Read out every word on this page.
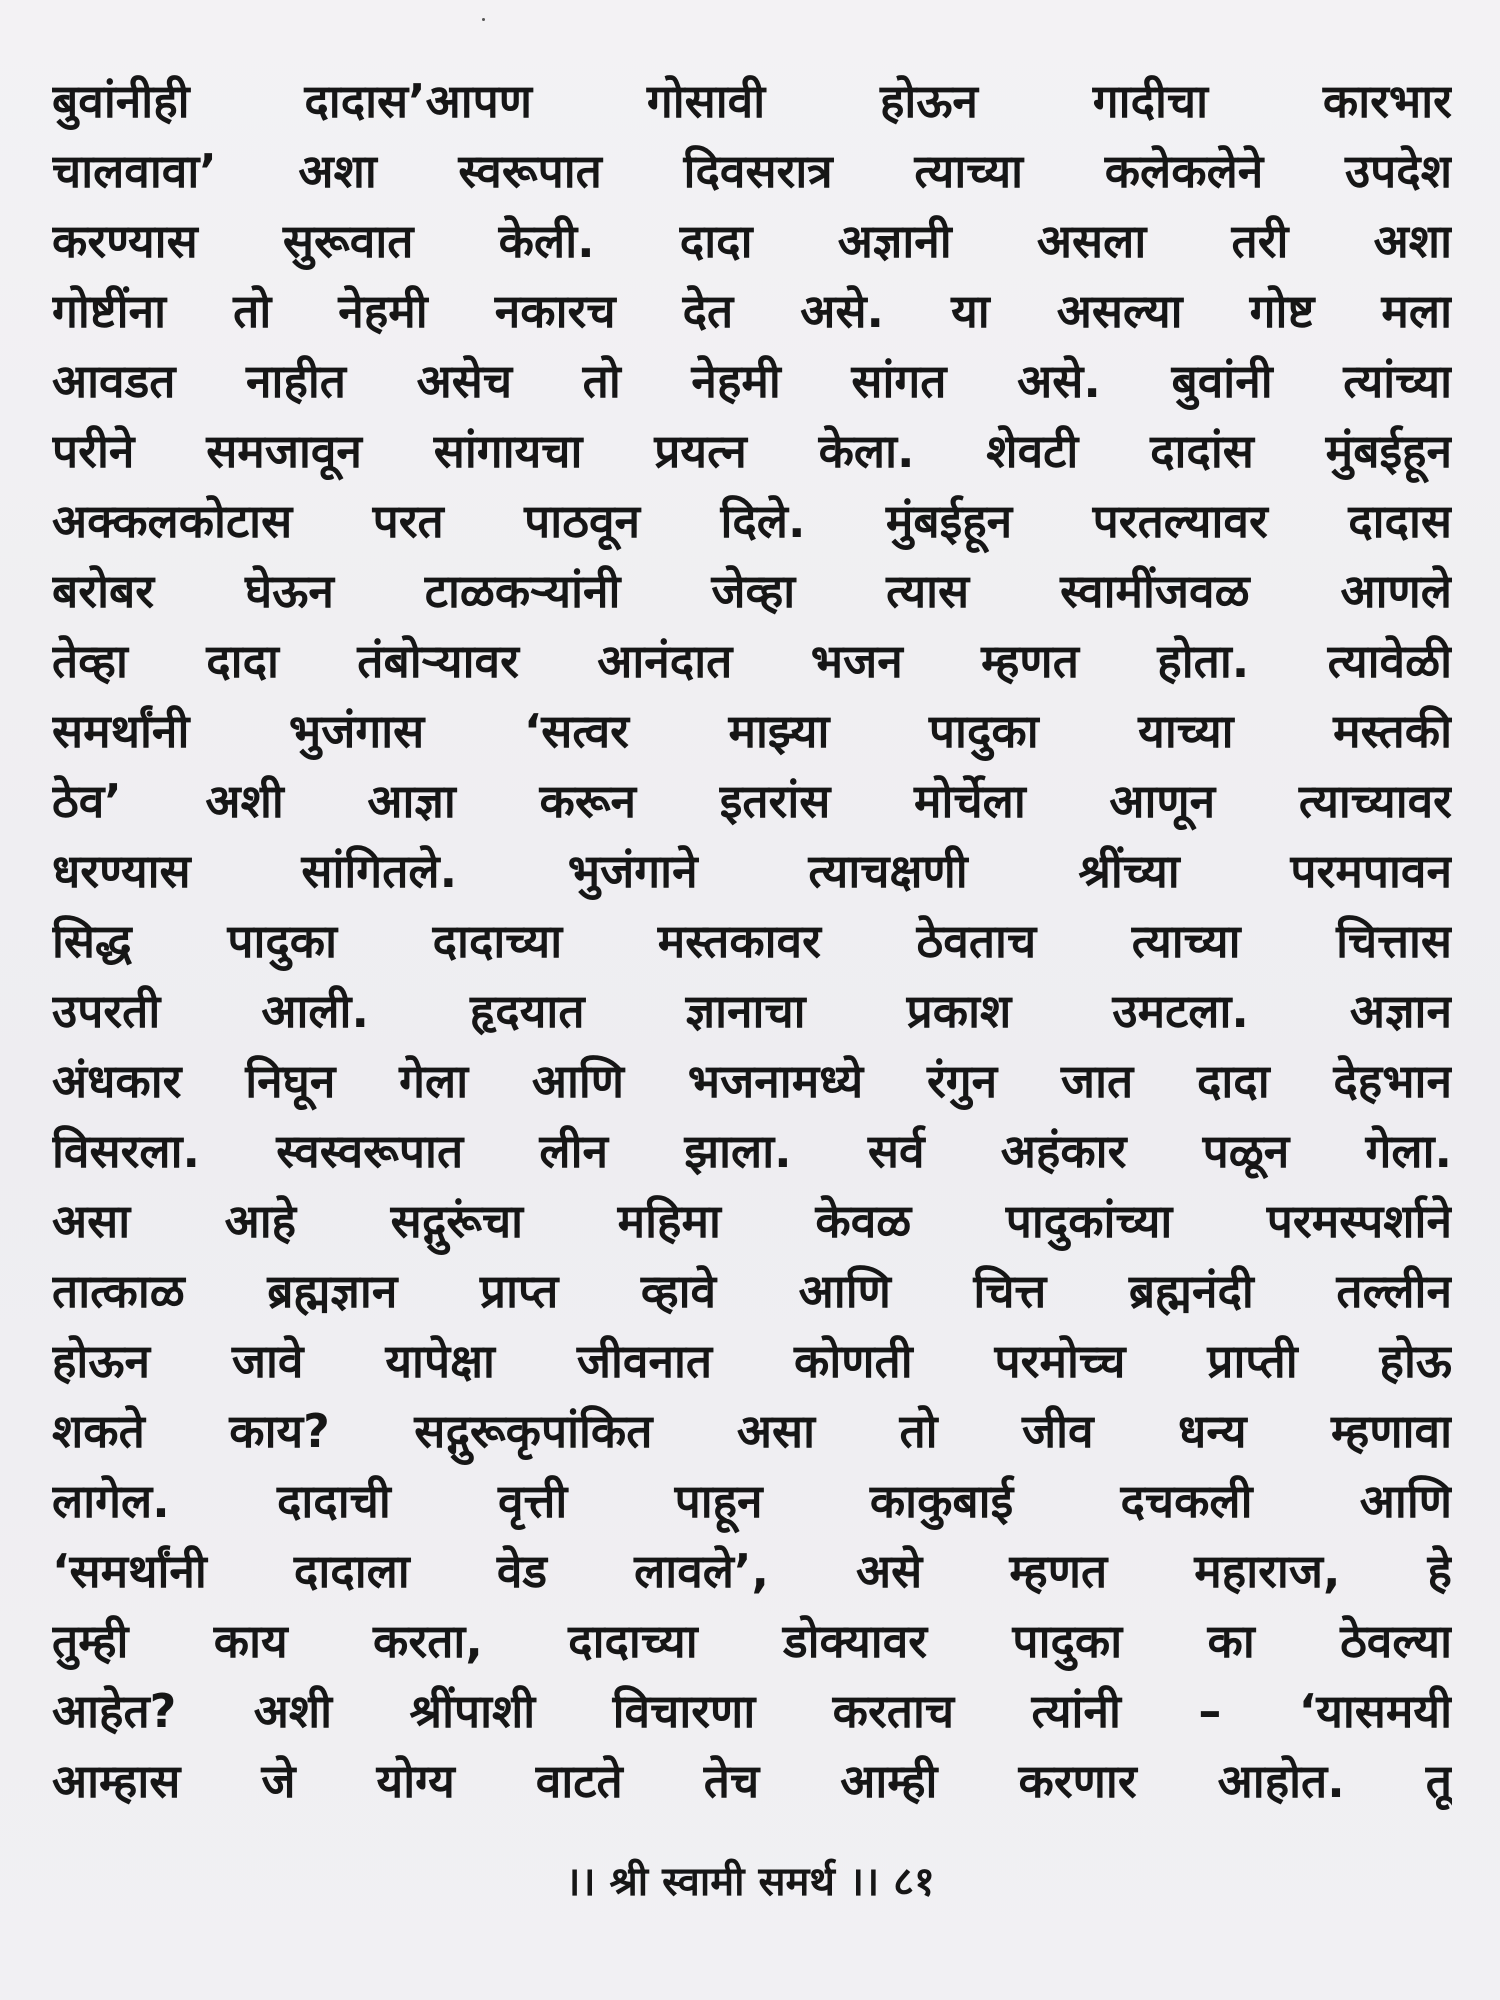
बुवांनीही दादास’आपण गोसावी होऊन गादीचा कारभार
चालवावा’ अशा स्वरूपात दिवसरात्र त्याच्या कलेकलेने उपदेश
करण्यास सुरूवात केली. दादा अज्ञानी असला तरी अशा
गोष्टींना तो नेहमी नकारच देत असे. या असल्या गोष्ट मला
आवडत नाहीत असेच तो नेहमी सांगत असे. बुवांनी त्यांच्या
परीने समजावून सांगायचा प्रयत्न केला. शेवटी दादांस मुंबईहून
अक्कलकोटास परत पाठवून दिले. मुंबईहून परतल्यावर दादास
बरोबर घेऊन टाळकऱ्यांनी जेव्हा त्यास स्वामींजवळ आणले
तेव्हा दादा तंबोऱ्यावर आनंदात भजन म्हणत होता. त्यावेळी
समर्थांनी भुजंगास ‘सत्वर माझ्या पादुका याच्या मस्तकी
ठेव’ अशी आज्ञा करून इतरांस मोर्चेला आणून त्याच्यावर
धरण्यास सांगितले. भुजंगाने त्याचक्षणी श्रींच्या परमपावन
सिद्ध पादुका दादाच्या मस्तकावर ठेवताच त्याच्या चित्तास
उपरती आली. हृदयात ज्ञानाचा प्रकाश उमटला. अज्ञान
अंधकार निघून गेला आणि भजनामध्ये रंगुन जात दादा देहभान
विसरला. स्वस्वरूपात लीन झाला. सर्व अहंकार पळून गेला.
असा आहे सद्गुरूंचा महिमा केवळ पादुकांच्या परमस्पर्शाने
तात्काळ ब्रह्मज्ञान प्राप्त व्हावे आणि चित्त ब्रह्मनंदी तल्लीन
होऊन जावे यापेक्षा जीवनात कोणती परमोच्च प्राप्ती होऊ
शकते काय? सद्गुरूकृपांकित असा तो जीव धन्य म्हणावा
लागेल. दादाची वृत्ती पाहून काकुबाई दचकली आणि
‘समर्थांनी दादाला वेड लावले’, असे म्हणत महाराज, हे
तुम्ही काय करता, दादाच्या डोक्यावर पादुका का ठेवल्या
आहेत? अशी श्रींपाशी विचारणा करताच त्यांनी – ‘यासमयी
आम्हास जे योग्य वाटते तेच आम्ही करणार आहोत. तू
।। श्री स्वामी समर्थ ।। ८१
